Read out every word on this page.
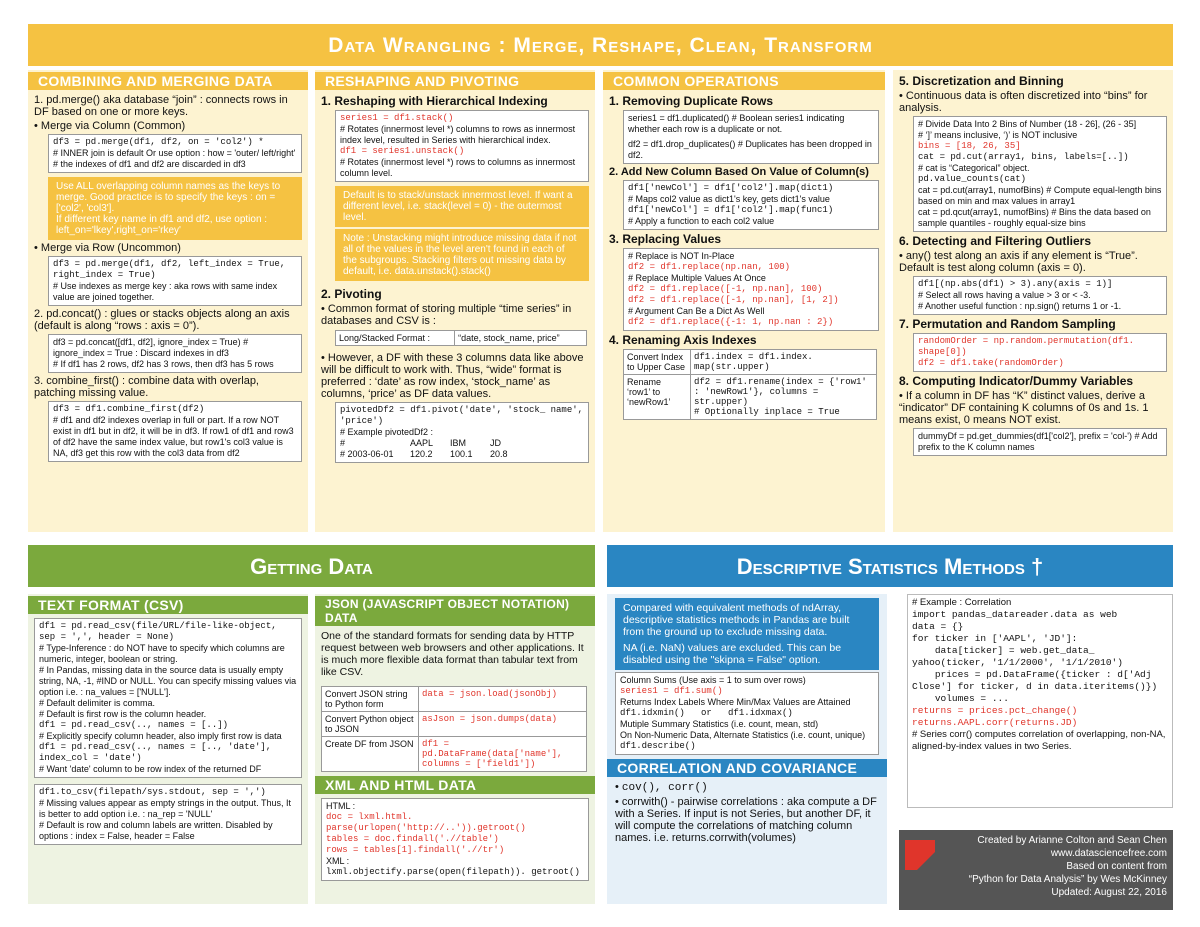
Data Wrangling : Merge, Reshape, Clean, Transform
COMBINING AND MERGING DATA
1. pd.merge() aka database “join” : connects rows in DF based on one or more keys.
• Merge via Column (Common)
df3 = pd.merge(df1, df2, on = 'col2') *
# INNER join is default Or use option : how = 'outer/ left/right'
# the indexes of df1 and df2 are discarded in df3
Use ALL overlapping column names as the keys to merge. Good practice is to specify the keys : on = ['col2', 'col3'].
If different key name in df1 and df2, use option : left_on='lkey',right_on='rkey'
• Merge via Row (Uncommon)
df3 = pd.merge(df1, df2, left_index = True, right_index = True)
# Use indexes as merge key : aka rows with same index value are joined together.
2. pd.concat() : glues or stacks objects along an axis (default is along “rows : axis = 0”).
df3 = pd.concat([df1, df2], ignore_index = True) # ignore_index = True : Discard indexes in df3
# If df1 has 2 rows, df2 has 3 rows, then df3 has 5 rows
3. combine_first() : combine data with overlap, patching missing value.
df3 = df1.combine_first(df2)
# df1 and df2 indexes overlap in full or part. If a row NOT exist in df1 but in df2, it will be in df3. If row1 of df1 and row3 of df2 have the same index value, but row1's col3 value is NA, df3 get this row with the col3 data from df2
RESHAPING AND PIVOTING
1. Reshaping with Hierarchical Indexing
series1 = df1.stack()
# Rotates (innermost level *) columns to rows as innermost index level, resulted in Series with hierarchical index.
df1 = series1.unstack()
# Rotates (innermost level *) rows to columns as innermost column level.
Default is to stack/unstack innermost level. If want a different level, i.e. stack(level = 0) - the outermost level.
Note : Unstacking might introduce missing data if not all of the values in the level aren't found in each of the subgroups. Stacking filters out missing data by default, i.e. data.unstack().stack()
2. Pivoting
• Common format of storing multiple “time series” in databases and CSV is :
Long/Stacked Format :	“date, stock_name, price”
• However, a DF with these 3 columns data like above will be difficult to work with. Thus, “wide” format is preferred : ‘date’ as row index, ‘stock_name’ as columns, ‘price’ as DF data values.
pivotedDf2 = df1.pivot('date', 'stock_ name', 'price')
# Example pivotedDf2 :
#	AAPL	IBM	JD
# 2003-06-01	120.2	100.1	20.8
COMMON OPERATIONS
1. Removing Duplicate Rows
series1 = df1.duplicated() # Boolean series1 indicating whether each row is a duplicate or not.
df2 = df1.drop_duplicates() # Duplicates has been dropped in df2.
2. Add New Column Based On Value of Column(s)
df1['newCol'] = df1['col2'].map(dict1)
# Maps col2 value as dict1's key, gets dict1's value
df1['newCol'] = df1['col2'].map(func1)
# Apply a function to each col2 value
3. Replacing Values
# Replace is NOT In-Place
df2 = df1.replace(np.nan, 100)
# Replace Multiple Values At Once
df2 = df1.replace([-1, np.nan], 100)
df2 = df1.replace([-1, np.nan], [1, 2])
# Argument Can Be a Dict As Well
df2 = df1.replace({-1: 1, np.nan : 2})
4. Renaming Axis Indexes
Convert Index to Upper Case	df1.index = df1.index. map(str.upper)
Rename ‘row1’ to ‘newRow1’	df2 = df1.rename(index = {'row1' : 'newRow1'}, columns = str.upper)
# Optionally inplace = True
5. Discretization and Binning
• Continuous data is often discretized into “bins” for analysis.
# Divide Data Into 2 Bins of Number (18 - 26], (26 - 35]
# ‘]’ means inclusive, ‘)’ is NOT inclusive
bins = [18, 26, 35]
cat = pd.cut(array1, bins, labels=[..])
# cat is “Categorical” object.
pd.value_counts(cat)
cat = pd.cut(array1, numofBins) # Compute equal-length bins based on min and max values in array1
cat = pd.qcut(array1, numofBins) # Bins the data based on sample quantiles - roughly equal-size bins
6. Detecting and Filtering Outliers
• any() test along an axis if any element is “True”. Default is test along column (axis = 0).
df1[(np.abs(df1) > 3).any(axis = 1)]
# Select all rows having a value > 3 or < -3.
# Another useful function : np.sign() returns 1 or -1.
7. Permutation and Random Sampling
randomOrder = np.random.permutation(df1. shape[0])
df2 = df1.take(randomOrder)
8. Computing Indicator/Dummy Variables
• If a column in DF has “K” distinct values, derive a “indicator” DF containing K columns of 0s and 1s. 1 means exist, 0 means NOT exist.
dummyDf = pd.get_dummies(df1['col2'], prefix = 'col-') # Add prefix to the K column names
Getting Data
TEXT FORMAT (CSV)
df1 = pd.read_csv(file/URL/file-like-object, sep = ',', header = None)
# Type-Inference : do NOT have to specify which columns are numeric, integer, boolean or string.
# In Pandas, missing data in the source data is usually empty string, NA, -1, #IND or NULL. You can specify missing values via option i.e. : na_values = ['NULL'].
# Default delimiter is comma.
# Default is first row is the column header.
df1 = pd.read_csv(.., names = [..])
# Explicitly specify column header, also imply first row is data
df1 = pd.read_csv(.., names = [.., 'date'], index_col = 'date')
# Want 'date' column to be row index of the returned DF
df1.to_csv(filepath/sys.stdout, sep = ',')
# Missing values appear as empty strings in the output. Thus, It is better to add option i.e. : na_rep = 'NULL'
# Default is row and column labels are written. Disabled by options : index = False, header = False
JSON (JAVASCRIPT OBJECT NOTATION) DATA
One of the standard formats for sending data by HTTP request between web browsers and other applications. It is much more flexible data format than tabular text from like CSV.
Convert JSON string to Python form	data = json.load(jsonObj)
Convert Python object to JSON	asJson = json.dumps(data)
Create DF from JSON	df1 = pd.DataFrame(data['name'], columns = ['field1'])
XML AND HTML DATA
HTML :
doc = lxml.html. parse(urlopen('http://..')).getroot()
tables = doc.findall('.//table')
rows = tables[1].findall('.//tr')
XML :
lxml.objectify.parse(open(filepath)). getroot()
Descriptive Statistics Methods †
Compared with equivalent methods of ndArray, descriptive statistics methods in Pandas are built from the ground up to exclude missing data.
NA (i.e. NaN) values are excluded. This can be disabled using the "skipna = False" option.
Column Sums (Use axis = 1 to sum over rows)
series1 = df1.sum()
Returns Index Labels Where Min/Max Values are Attained
df1.idxmin()   or   df1.idxmax()
Mutiple Summary Statistics (i.e. count, mean, std)
On Non-Numeric Data, Alternate Statistics (i.e. count, unique)
df1.describe()
CORRELATION AND COVARIANCE
• cov(), corr()
• corrwith() - pairwise correlations : aka compute a DF with a Series. If input is not Series, but another DF, it will compute the correlations of matching column names. i.e. returns.corrwith(volumes)
# Example : Correlation
import pandas_datareader.data as web
data = {}
for ticker in ['AAPL', 'JD']:
data[ticker] = web.get_data_ yahoo(ticker, '1/1/2000', '1/1/2010')
prices = pd.DataFrame({ticker : d['Adj Close'] for ticker, d in data.iteritems()})
volumes = ...
returns = prices.pct_change()
returns.AAPL.corr(returns.JD)
# Series corr() computes correlation of overlapping, non-NA, aligned-by-index values in two Series.
Created by Arianne Colton and Sean Chen
www.datasciencefree.com
Based on content from
“Python for Data Analysis” by Wes McKinney
Updated: August 22, 2016
